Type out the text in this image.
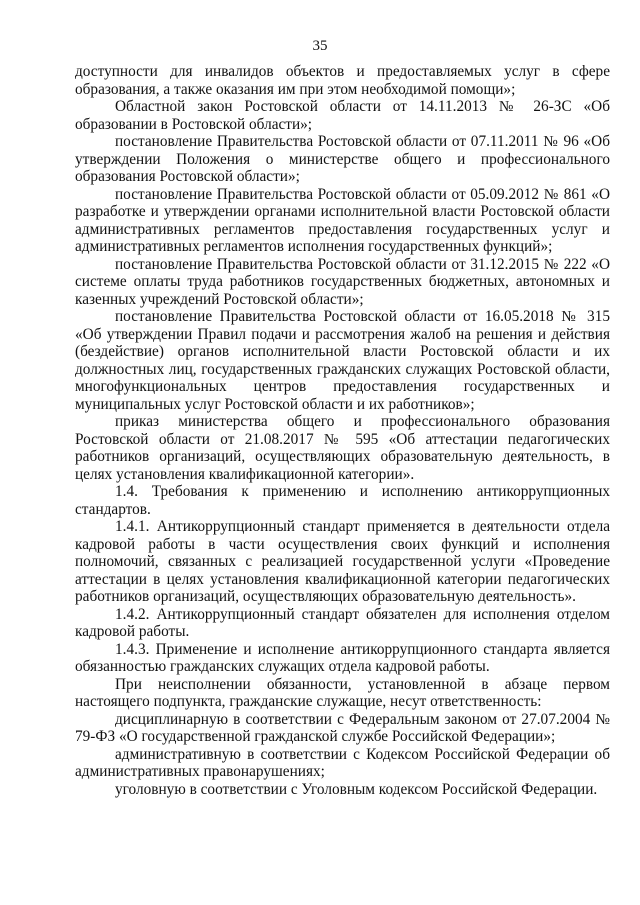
35

доступности для инвалидов объектов и предоставляемых услуг в сфере образования, а также оказания им при этом необходимой помощи»;

Областной закон Ростовской области от 14.11.2013 № 26-ЗС «Об образовании в Ростовской области»;

постановление Правительства Ростовской области от 07.11.2011 № 96 «Об утверждении Положения о министерстве общего и профессионального образования Ростовской области»;

постановление Правительства Ростовской области от 05.09.2012 № 861 «О разработке и утверждении органами исполнительной власти Ростовской области административных регламентов предоставления государственных услуг и административных регламентов исполнения государственных функций»;

постановление Правительства Ростовской области от 31.12.2015 № 222 «О системе оплаты труда работников государственных бюджетных, автономных и казенных учреждений Ростовской области»;

постановление Правительства Ростовской области от 16.05.2018 № 315 «Об утверждении Правил подачи и рассмотрения жалоб на решения и действия (бездействие) органов исполнительной власти Ростовской области и их должностных лиц, государственных гражданских служащих Ростовской области, многофункциональных центров предоставления государственных и муниципальных услуг Ростовской области и их работников»;

приказ министерства общего и профессионального образования Ростовской области от 21.08.2017 № 595 «Об аттестации педагогических работников организаций, осуществляющих образовательную деятельность, в целях установления квалификационной категории».

1.4. Требования к применению и исполнению антикоррупционных стандартов.

1.4.1. Антикоррупционный стандарт применяется в деятельности отдела кадровой работы в части осуществления своих функций и исполнения полномочий, связанных с реализацией государственной услуги «Проведение аттестации в целях установления квалификационной категории педагогических работников организаций, осуществляющих образовательную деятельность».

1.4.2. Антикоррупционный стандарт обязателен для исполнения отделом кадровой работы.

1.4.3. Применение и исполнение антикоррупционного стандарта является обязанностью гражданских служащих отдела кадровой работы.

При неисполнении обязанности, установленной в абзаце первом настоящего подпункта, гражданские служащие, несут ответственность:

дисциплинарную в соответствии с Федеральным законом от 27.07.2004 № 79-ФЗ «О государственной гражданской службе Российской Федерации»;

административную в соответствии с Кодексом Российской Федерации об административных правонарушениях;

уголовную в соответствии с Уголовным кодексом Российской Федерации.
